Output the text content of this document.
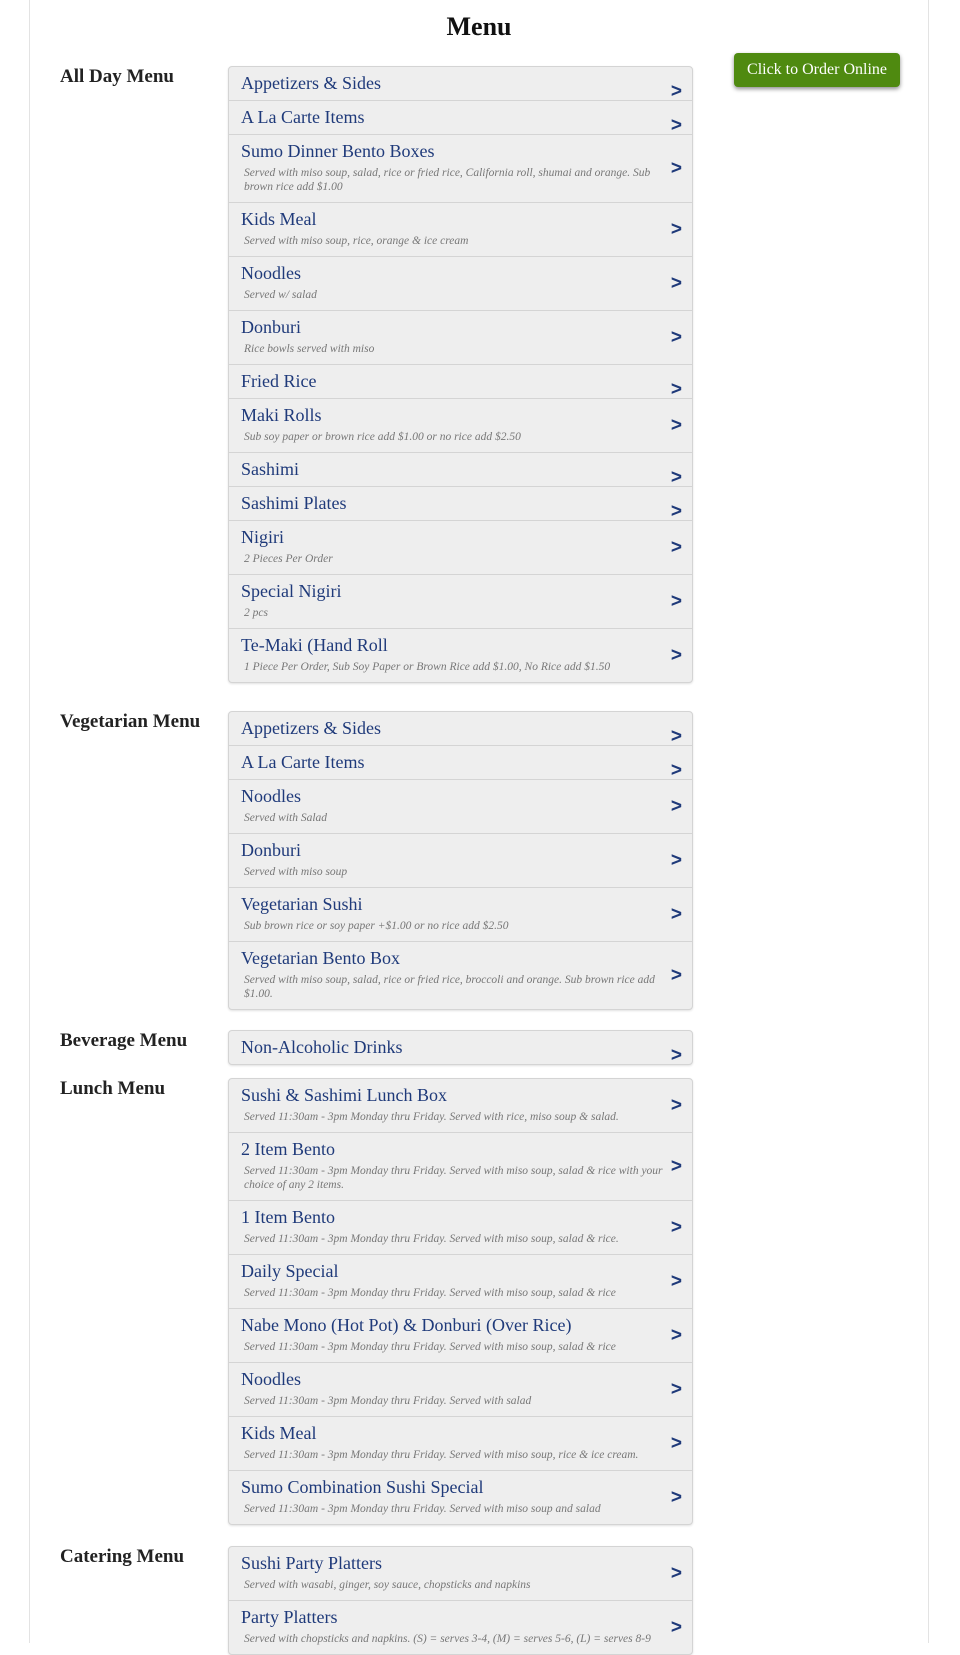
Menu
Click to Order Online
All Day Menu	Appetizers & Sides	>
A La Carte Items	>
Sumo Dinner Bento Boxes
Served with miso soup, salad, rice or fried rice, California roll, shumai and orange. Sub brown rice add $1.00
>
Kids Meal
Served with miso soup, rice, orange & ice cream
>
Noodles
Served w/ salad
>
Donburi
Rice bowls served with miso
>
Fried Rice	>
Maki Rolls
Sub soy paper or brown rice add $1.00 or no rice add $2.50
>
Sashimi	>
Sashimi Plates	>
Nigiri
2 Pieces Per Order
>
Special Nigiri
2 pcs
>
Te-Maki (Hand Roll
1 Piece Per Order, Sub Soy Paper or Brown Rice add $1.00, No Rice add $1.50
>
Vegetarian Menu Appetizers & Sides	>
A La Carte Items	>
Noodles
Served with Salad
>
Donburi
Served with miso soup
>
Vegetarian Sushi
Sub brown rice or soy paper +$1.00 or no rice add $2.50
>
Vegetarian Bento Box
Served with miso soup, salad, rice or fried rice, broccoli and orange. Sub brown rice add $1.00.
>
Beverage Menu	Non-Alcoholic Drinks	>
Lunch Menu	Sushi & Sashimi Lunch Box
Served 11:30am - 3pm Monday thru Friday. Served with rice, miso soup & salad.
>
2 Item Bento
Served 11:30am - 3pm Monday thru Friday. Served with miso soup, salad & rice with your choice of any 2 items.
>
1 Item Bento
Served 11:30am - 3pm Monday thru Friday. Served with miso soup, salad & rice.
>
Daily Special
Served 11:30am - 3pm Monday thru Friday. Served with miso soup, salad & rice
>
Nabe Mono (Hot Pot) & Donburi (Over Rice)
Served 11:30am - 3pm Monday thru Friday. Served with miso soup, salad & rice
>
Noodles
Served 11:30am - 3pm Monday thru Friday. Served with salad
>
Kids Meal
Served 11:30am - 3pm Monday thru Friday. Served with miso soup, rice & ice cream.
>
Sumo Combination Sushi Special
Served 11:30am - 3pm Monday thru Friday. Served with miso soup and salad
>
Catering Menu	Sushi Party Platters
Served with wasabi, ginger, soy sauce, chopsticks and napkins
>
Party Platters
Served with chopsticks and napkins. (S) = serves 3-4, (M) = serves 5-6, (L) = serves 8-9
>
